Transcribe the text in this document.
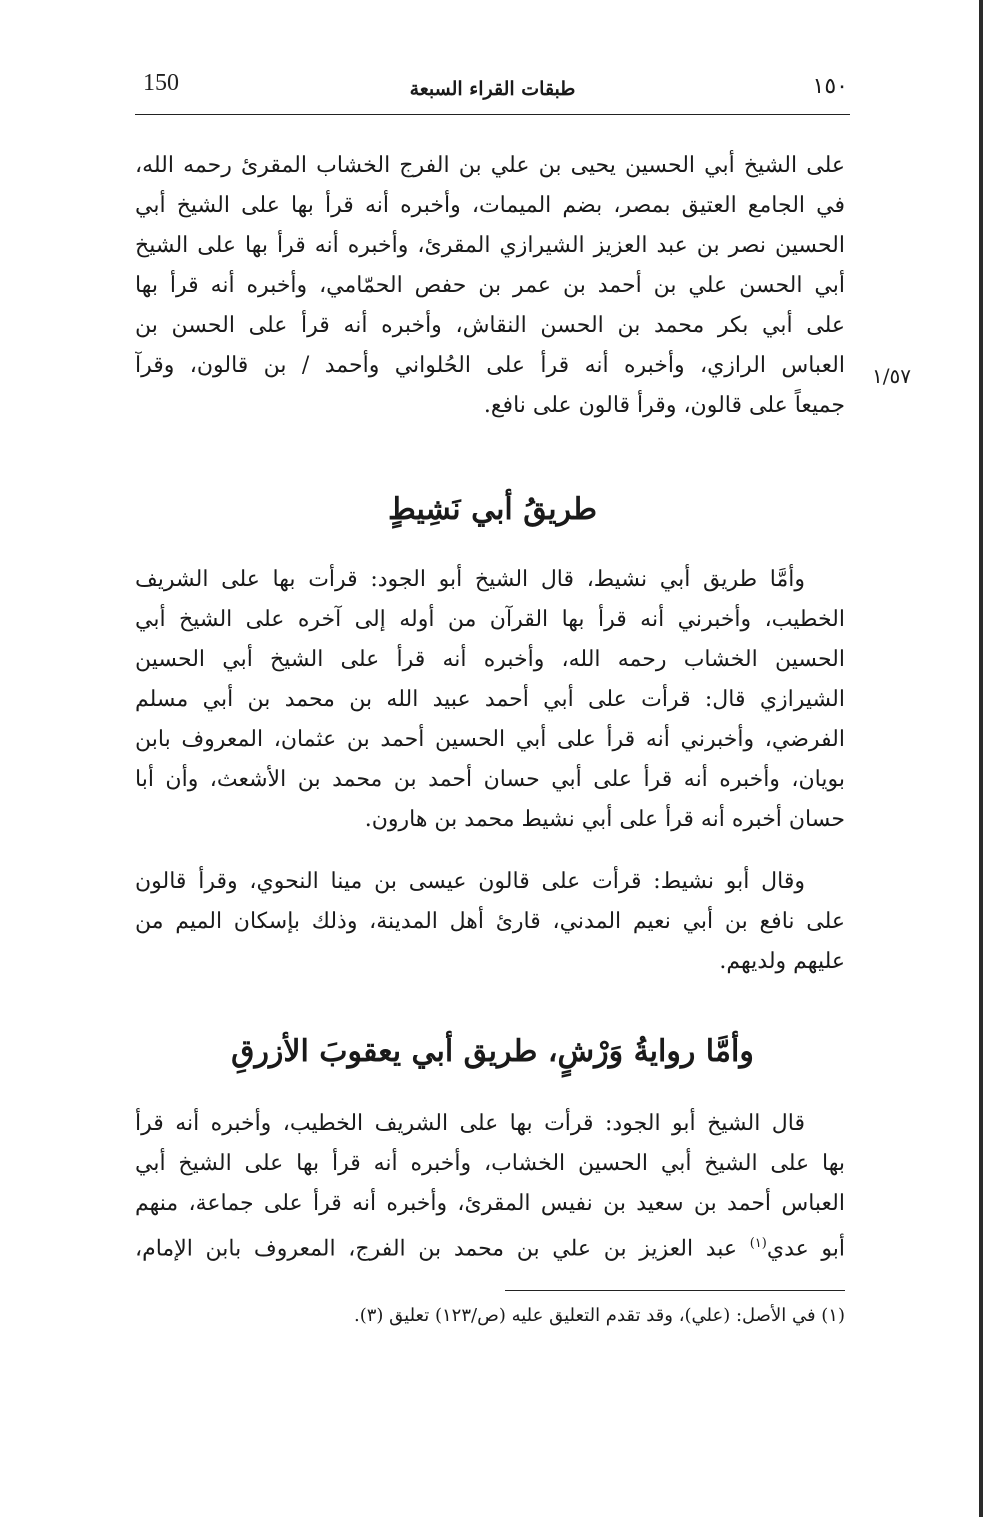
150	طبقات القراء السبعة	١٥٠
١/٥٧
على الشيخ أبي الحسين يحيى بن علي بن الفرج الخشاب المقرئ رحمه الله،
في الجامع العتيق بمصر، بضم الميمات، وأخبره أنه قرأ بها على الشيخ أبي
الحسين نصر بن عبد العزيز الشيرازي المقرئ، وأخبره أنه قرأ بها على الشيخ
أبي الحسن علي بن أحمد بن عمر بن حفص الحمّامي، وأخبره أنه قرأ بها
على أبي بكر محمد بن الحسن النقاش، وأخبره أنه قرأ على الحسن بن
العباس الرازي، وأخبره أنه قرأ على الحُلواني وأحمد / بن قالون، وقرآ
جميعاً على قالون، وقرأ قالون على نافع.
طريقُ أبي نَشِيطٍ
وأمَّا طريق أبي نشيط، قال الشيخ أبو الجود: قرأت بها على الشريف
الخطيب، وأخبرني أنه قرأ بها القرآن من أوله إلى آخره على الشيخ أبي
الحسين الخشاب رحمه الله، وأخبره أنه قرأ على الشيخ أبي الحسين
الشيرازي قال: قرأت على أبي أحمد عبيد الله بن محمد بن أبي مسلم
الفرضي، وأخبرني أنه قرأ على أبي الحسين أحمد بن عثمان، المعروف بابن
بويان، وأخبره أنه قرأ على أبي حسان أحمد بن محمد بن الأشعث، وأن أبا
حسان أخبره أنه قرأ على أبي نشيط محمد بن هارون.
وقال أبو نشيط: قرأت على قالون عيسى بن مينا النحوي، وقرأ قالون
على نافع بن أبي نعيم المدني، قارئ أهل المدينة، وذلك بإسكان الميم من
عليهم ولديهم.
وأمَّا روايةُ وَرْشٍ، طريق أبي يعقوبَ الأزرقِ
قال الشيخ أبو الجود: قرأت بها على الشريف الخطيب، وأخبره أنه قرأ
بها على الشيخ أبي الحسين الخشاب، وأخبره أنه قرأ بها على الشيخ أبي
العباس أحمد بن سعيد بن نفيس المقرئ، وأخبره أنه قرأ على جماعة، منهم
أبو عدي$^{(١)}$ عبد العزيز بن علي بن محمد بن الفرج، المعروف بابن الإمام،
(١) في الأصل: (علي)، وقد تقدم التعليق عليه (ص/١٢٣) تعليق (٣).
